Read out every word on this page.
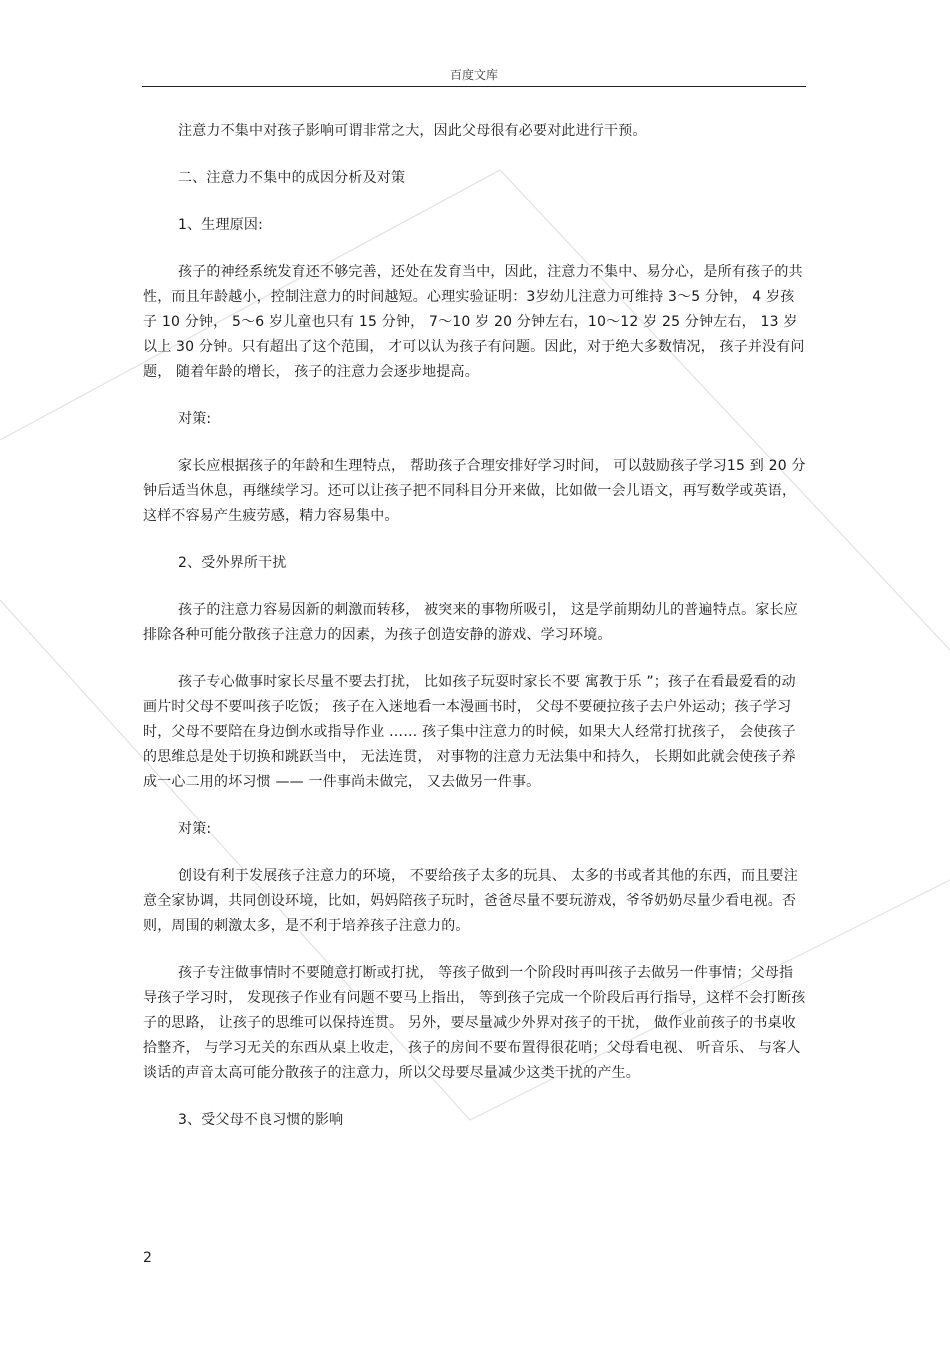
百度文库

注意力不集中对孩子影响可谓非常之大，因此父母很有必要对此进行干预。

二、注意力不集中的成因分析及对策

1、生理原因:

孩子的神经系统发育还不够完善，还处在发育当中，因此，注意力不集中、易分心，是所有孩子的共性，而且年龄越小，控制注意力的时间越短。心理实验证明：3岁幼儿注意力可维持 3～5 分钟， 4 岁孩子 10 分钟， 5～6 岁儿童也只有 15 分钟， 7～10 岁 20 分钟左右，10～12 岁 25 分钟左右， 13 岁以上 30 分钟。只有超出了这个范围， 才可以认为孩子有问题。因此，对于绝大多数情况， 孩子并没有问题， 随着年龄的增长， 孩子的注意力会逐步地提高。

对策:

家长应根据孩子的年龄和生理特点， 帮助孩子合理安排好学习时间， 可以鼓励孩子学习15 到 20 分钟后适当休息，再继续学习。还可以让孩子把不同科目分开来做，比如做一会儿语文，再写数学或英语，这样不容易产生疲劳感，精力容易集中。

2、受外界所干扰

孩子的注意力容易因新的刺激而转移， 被突来的事物所吸引， 这是学前期幼儿的普遍特点。家长应排除各种可能分散孩子注意力的因素，为孩子创造安静的游戏、学习环境。

孩子专心做事时家长尽量不要去打扰， 比如孩子玩耍时家长不要 寓教于乐 ”；孩子在看最爱看的动画片时父母不要叫孩子吃饭； 孩子在入迷地看一本漫画书时， 父母不要硬拉孩子去户外运动；孩子学习时，父母不要陪在身边倒水或指导作业 …… 孩子集中注意力的时候，如果大人经常打扰孩子， 会使孩子的思维总是处于切换和跳跃当中， 无法连贯， 对事物的注意力无法集中和持久， 长期如此就会使孩子养成一心二用的坏习惯 —— 一件事尚未做完， 又去做另一件事。

对策:

创设有利于发展孩子注意力的环境， 不要给孩子太多的玩具、 太多的书或者其他的东西，而且要注意全家协调，共同创设环境，比如，妈妈陪孩子玩时，爸爸尽量不要玩游戏，爷爷奶奶尽量少看电视。否则，周围的刺激太多，是不利于培养孩子注意力的。

孩子专注做事情时不要随意打断或打扰， 等孩子做到一个阶段时再叫孩子去做另一件事情；父母指导孩子学习时， 发现孩子作业有问题不要马上指出， 等到孩子完成一个阶段后再行指导，这样不会打断孩子的思路， 让孩子的思维可以保持连贯。 另外，要尽量减少外界对孩子的干扰， 做作业前孩子的书桌收拾整齐， 与学习无关的东西从桌上收走， 孩子的房间不要布置得很花哨；父母看电视、 听音乐、 与客人谈话的声音太高可能分散孩子的注意力，所以父母要尽量减少这类干扰的产生。

3、受父母不良习惯的影响

2
